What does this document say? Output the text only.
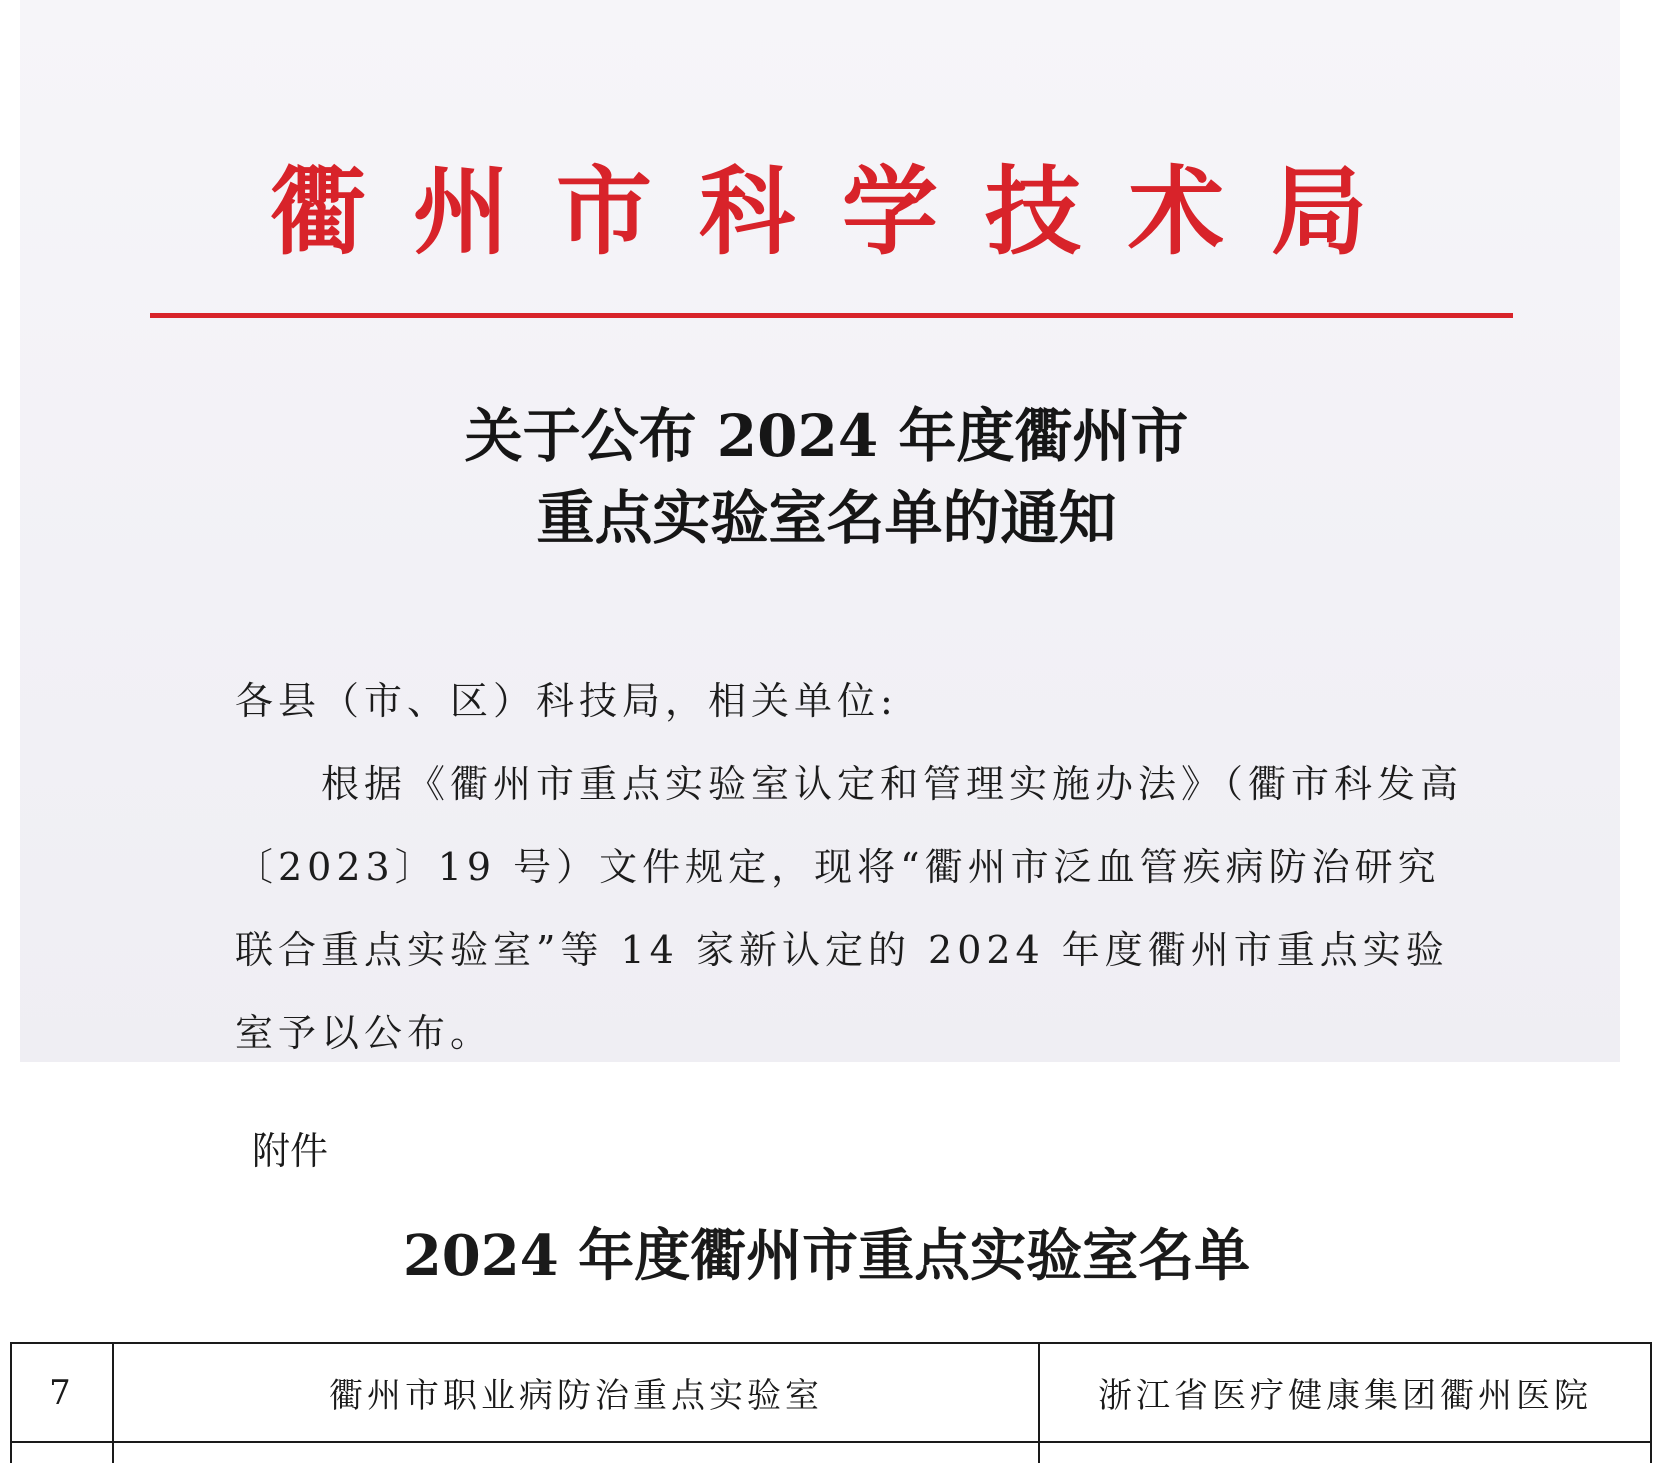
衢州市科学技术局
关于公布 2024 年度衢州市
重点实验室名单的通知

各县（市、区）科技局，相关单位:

根据《衢州市重点实验室认定和管理实施办法》（衢市科发高〔2023〕19 号）文件规定，现将“衢州市泛血管疾病防治研究联合重点实验室”等 14 家新认定的 2024 年度衢州市重点实验室予以公布。

附件

2024 年度衢州市重点实验室名单
7	衢州市职业病防治重点实验室	浙江省医疗健康集团衢州医院
